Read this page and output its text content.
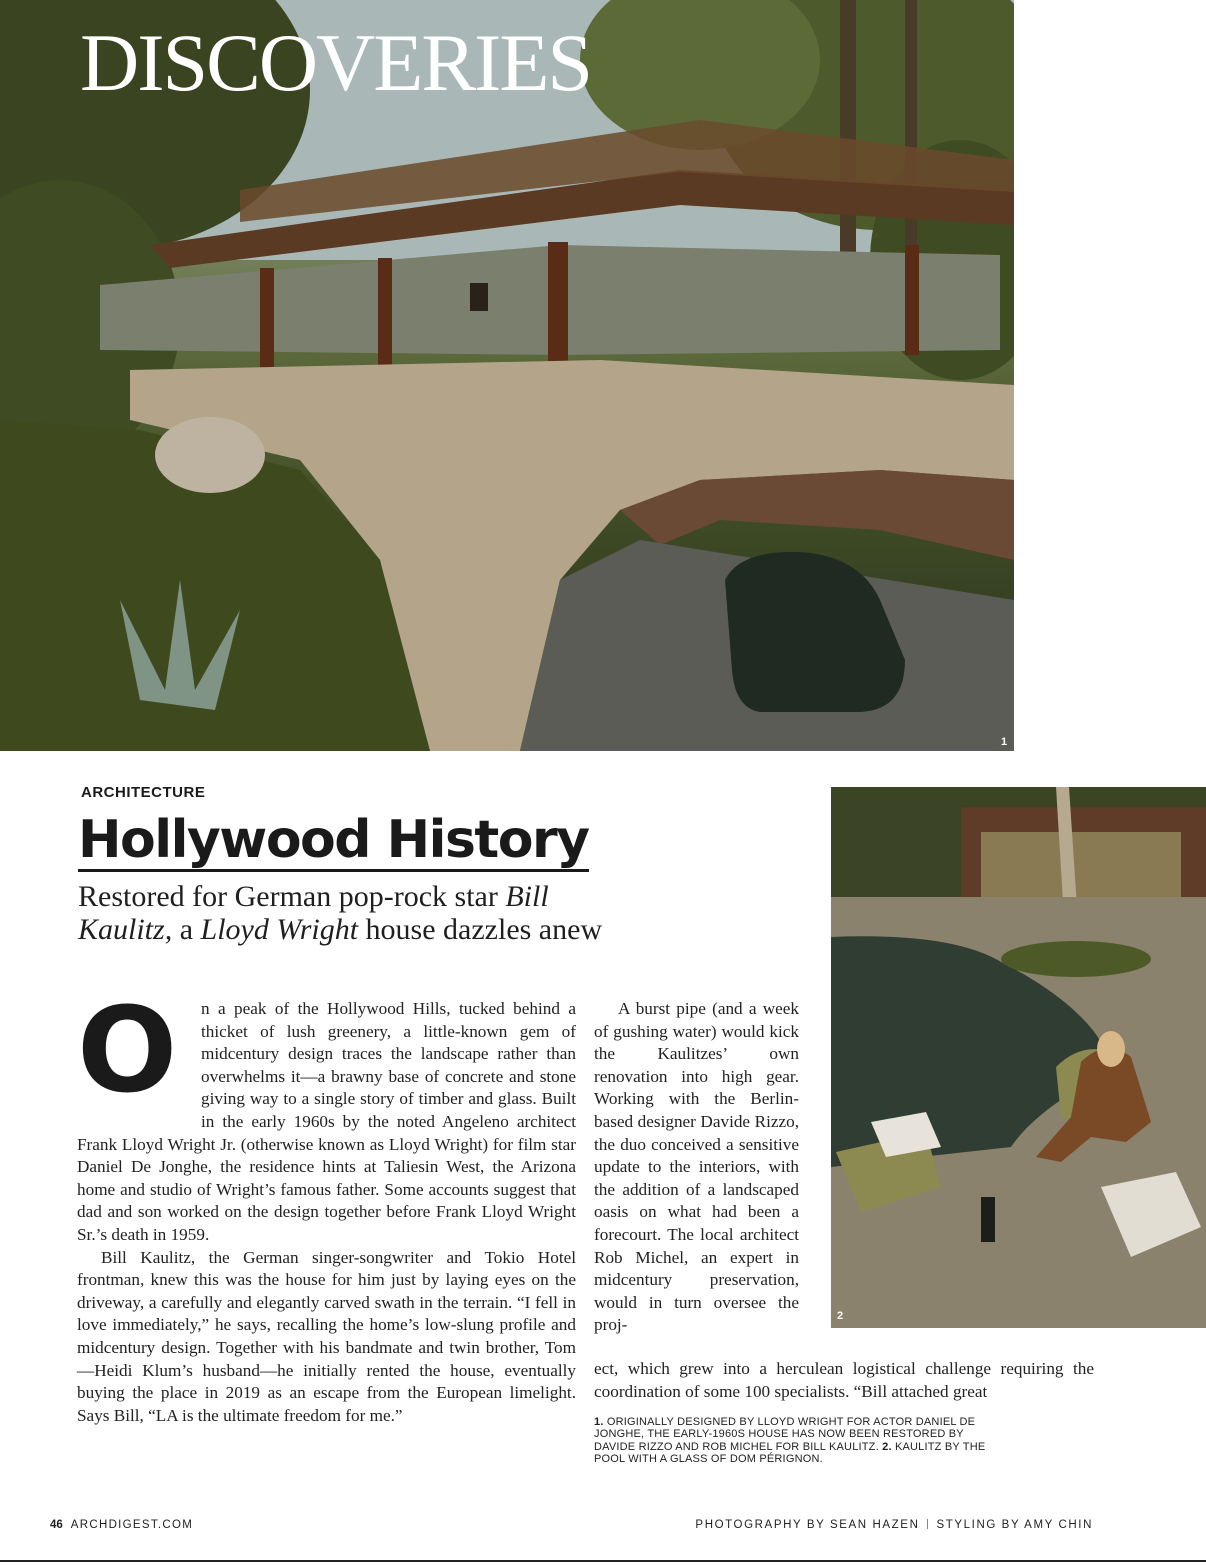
DISCOVERIES
1
ARCHITECTURE
Hollywood History
Restored for German pop-rock star Bill Kaulitz, a Lloyd Wright house dazzles anew

O	n a peak of the Hollywood Hills, tucked behind a thicket of lush greenery, a little-known gem of midcentury design traces the landscape rather than overwhelms it—a brawny base of concrete and stone giving way to a single story of timber and glass. Built in the early 1960s by the noted Angeleno architect Frank Lloyd Wright Jr. (otherwise known as Lloyd Wright) for film star Daniel De Jonghe, the residence hints at Taliesin West, the Arizona home and studio of Wright’s famous father. Some accounts suggest that dad and son worked on the design together before Frank Lloyd Wright Sr.’s death in 1959.

Bill Kaulitz, the German singer-songwriter and Tokio Hotel frontman, knew this was the house for him just by laying eyes on the driveway, a carefully and elegantly carved swath in the terrain. “I fell in love immediately,” he says, recalling the home’s low-slung profile and midcentury design. Together with his bandmate and twin brother, Tom—Heidi Klum’s husband—he initially rented the house, eventually buying the place in 2019 as an escape from the European limelight. Says Bill, “LA is the ultimate freedom for me.”

A burst pipe (and a week of gushing water) would kick the Kaulitzes’ own renovation into high gear. Working with the Berlin-based designer Davide Rizzo, the duo conceived a sensitive update to the interiors, with the addition of a landscaped oasis on what had been a forecourt. The local architect Rob Michel, an expert in midcentury preservation, would in turn oversee the proj-

ect, which grew into a herculean logistical challenge requiring the coordination of some 100 specialists. “Bill attached great
2
1. ORIGINALLY DESIGNED BY LLOYD WRIGHT FOR ACTOR DANIEL DE JONGHE, THE EARLY-1960S HOUSE HAS NOW BEEN RESTORED BY DAVIDE RIZZO AND ROB MICHEL FOR BILL KAULITZ. 2. KAULITZ BY THE POOL WITH A GLASS OF DOM PÉRIGNON.
46 ARCHDIGEST.COM	PHOTOGRAPHY BY SEAN HAZEN STYLING BY AMY CHIN
